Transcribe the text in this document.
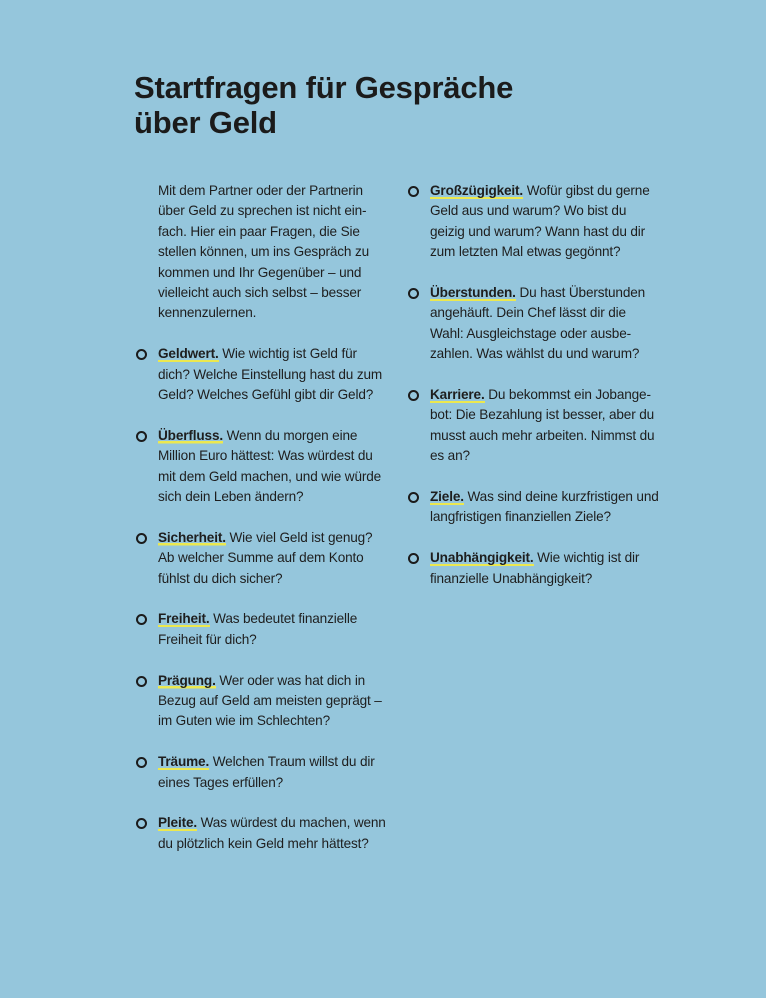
Startfragen für Gespräche
über Geld

Mit dem Partner oder der Partnerin über Geld zu sprechen ist nicht ein-fach. Hier ein paar Fragen, die Sie stellen können, um ins Gespräch zu kommen und Ihr Gegenüber – und vielleicht auch sich selbst – besser kennenzulernen.

Geldwert. Wie wichtig ist Geld für dich? Welche Einstellung hast du zum Geld? Welches Gefühl gibt dir Geld?
Überfluss. Wenn du morgen eine Million Euro hättest: Was würdest du mit dem Geld machen, und wie würde sich dein Leben ändern?
Sicherheit. Wie viel Geld ist genug? Ab welcher Summe auf dem Konto fühlst du dich sicher?
Freiheit. Was bedeutet finanzielle Freiheit für dich?
Prägung. Wer oder was hat dich in Bezug auf Geld am meisten geprägt – im Guten wie im Schlechten?
Träume. Welchen Traum willst du dir eines Tages erfüllen?
Pleite. Was würdest du machen, wenn du plötzlich kein Geld mehr hättest?
Großzügigkeit. Wofür gibst du gerne Geld aus und warum? Wo bist du geizig und warum? Wann hast du dir zum letzten Mal etwas gegönnt?
Überstunden. Du hast Überstunden angehäuft. Dein Chef lässt dir die Wahl: Ausgleichstage oder ausbe-zahlen. Was wählst du und warum?
Karriere. Du bekommst ein Jobange-bot: Die Bezahlung ist besser, aber du musst auch mehr arbeiten. Nimmst du es an?
Ziele. Was sind deine kurzfristigen und langfristigen finanziellen Ziele?
Unabhängigkeit. Wie wichtig ist dir finanzielle Unabhängigkeit?
